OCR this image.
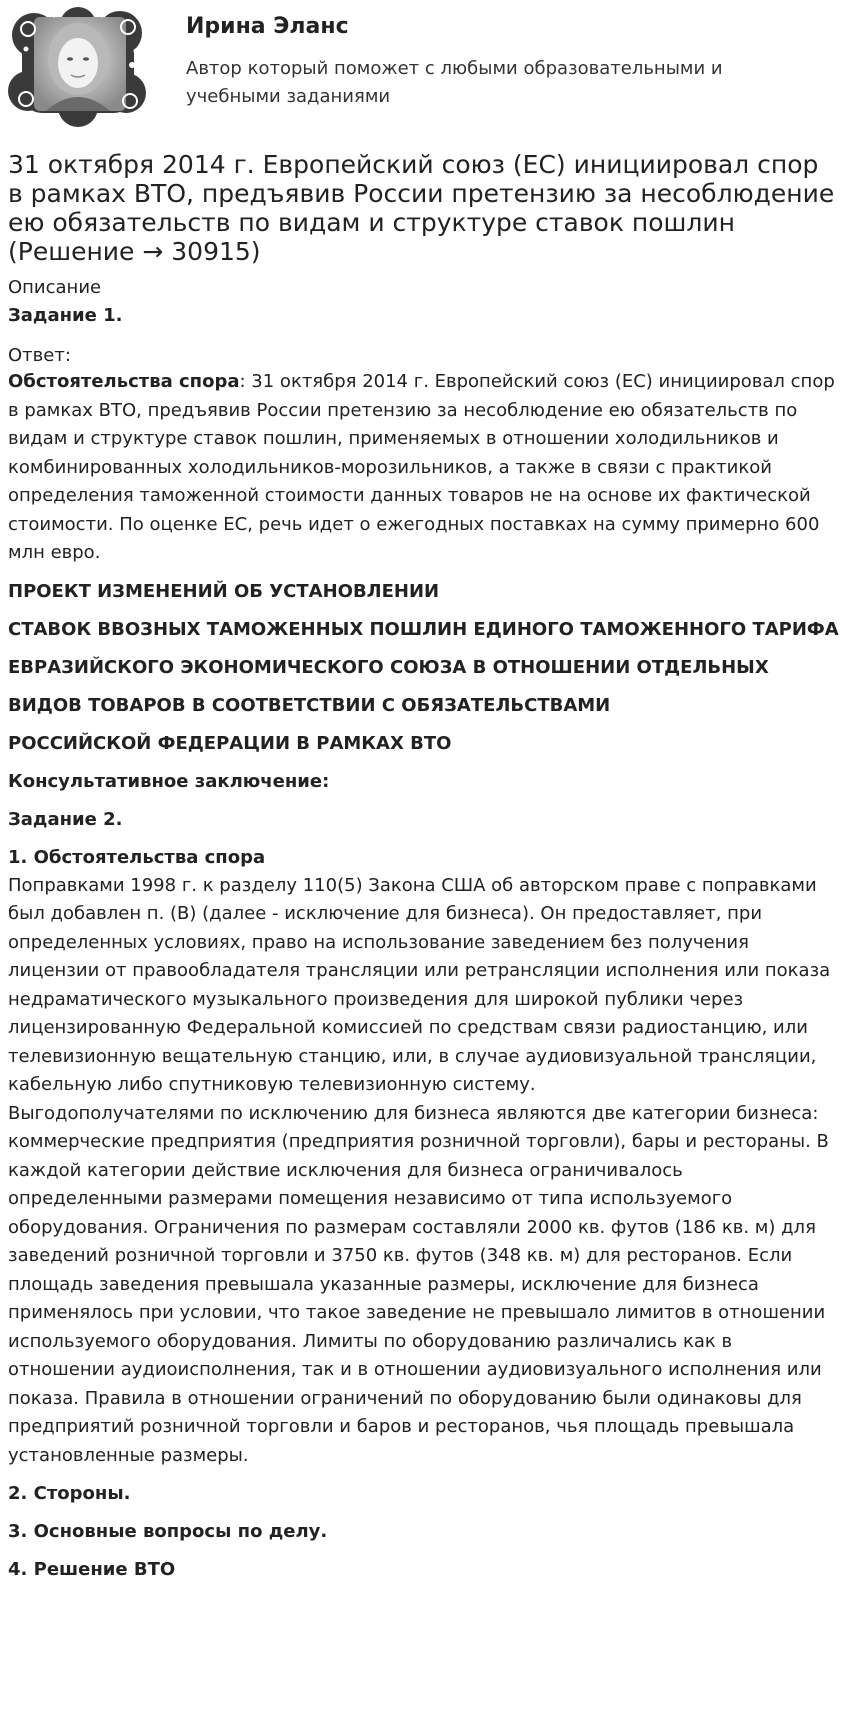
Ирина Эланс
Автор который поможет с любыми образовательными и учебными заданиями
31 октября 2014 г. Европейский союз (ЕС) инициировал спор в рамках ВТО, предъявив России претензию за несоблюдение ею обязательств по видам и структуре ставок пошлин (Решение → 30915)
Описание
Задание 1.
Ответ:

Обстоятельства спора: 31 октября 2014 г. Европейский союз (ЕС) инициировал спор в рамках ВТО, предъявив России претензию за несоблюдение ею обязательств по видам и структуре ставок пошлин, применяемых в отношении холодильников и комбинированных холодильников-морозильников, а также в связи с практикой определения таможенной стоимости данных товаров не на основе их фактической стоимости. По оценке ЕС, речь идет о ежегодных поставках на сумму примерно 600 млн евро.

ПРОЕКТ ИЗМЕНЕНИЙ ОБ УСТАНОВЛЕНИИ

СТАВОК ВВОЗНЫХ ТАМОЖЕННЫХ ПОШЛИН ЕДИНОГО ТАМОЖЕННОГО ТАРИФА

ЕВРАЗИЙСКОГО ЭКОНОМИЧЕСКОГО СОЮЗА В ОТНОШЕНИИ ОТДЕЛЬНЫХ

ВИДОВ ТОВАРОВ В СООТВЕТСТВИИ С ОБЯЗАТЕЛЬСТВАМИ

РОССИЙСКОЙ ФЕДЕРАЦИИ В РАМКАХ ВТО

Консультативное заключение:

Задание 2.

1. Обстоятельства спора

Поправками 1998 г. к разделу 110(5) Закона США об авторском праве с поправками был добавлен п. (В) (далее - исключение для бизнеса). Он предоставляет, при определенных условиях, право на использование заведением без получения лицензии от правообладателя трансляции или ретрансляции исполнения или показа недраматического музыкального произведения для широкой публики через лицензированную Федеральной комиссией по средствам связи радиостанцию, или телевизионную вещательную станцию, или, в случае аудиовизуальной трансляции, кабельную либо спутниковую телевизионную систему.

Выгодополучателями по исключению для бизнеса являются две категории бизнеса: коммерческие предприятия (предприятия розничной торговли), бары и рестораны. В каждой категории действие исключения для бизнеса ограничивалось определенными размерами помещения независимо от типа используемого оборудования. Ограничения по размерам составляли 2000 кв. футов (186 кв. м) для заведений розничной торговли и 3750 кв. футов (348 кв. м) для ресторанов. Если площадь заведения превышала указанные размеры, исключение для бизнеса применялось при условии, что такое заведение не превышало лимитов в отношении используемого оборудования. Лимиты по оборудованию различались как в отношении аудиоисполнения, так и в отношении аудиовизуального исполнения или показа. Правила в отношении ограничений по оборудованию были одинаковы для предприятий розничной торговли и баров и ресторанов, чья площадь превышала установленные размеры.

2. Стороны.

3. Основные вопросы по делу.

4. Решение ВТО
